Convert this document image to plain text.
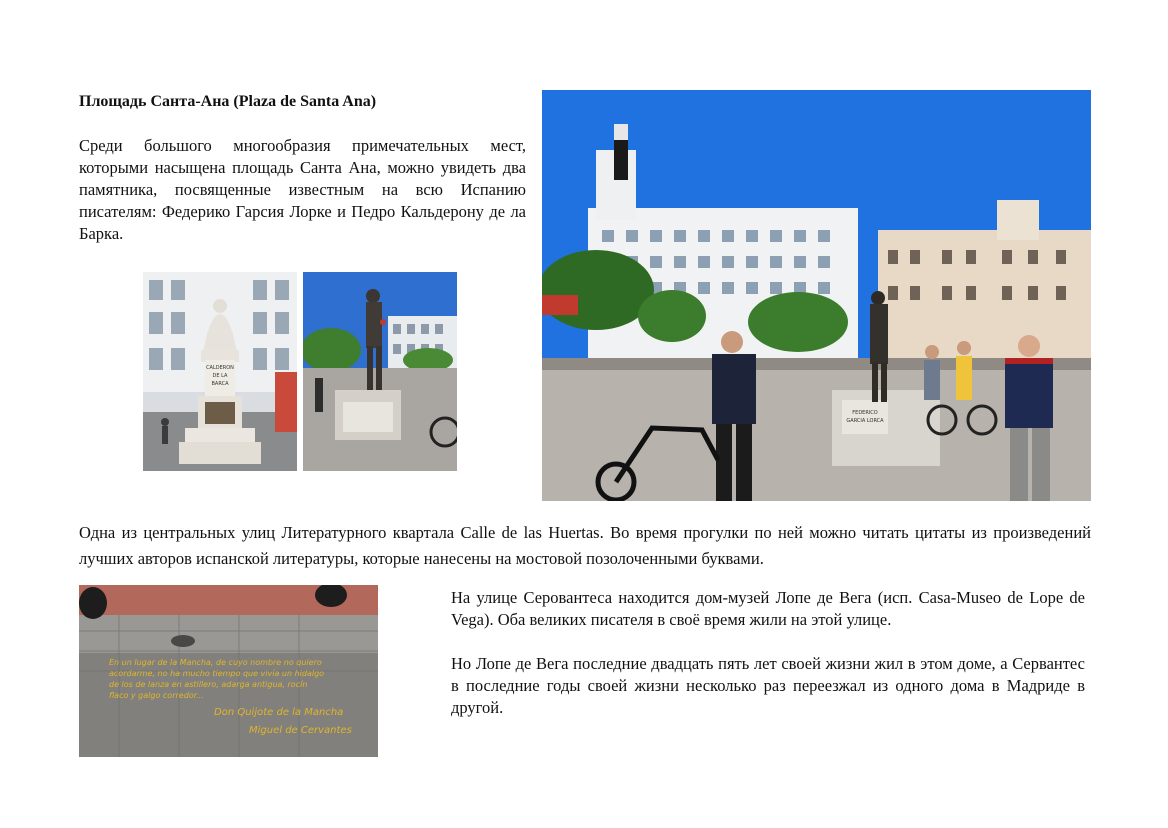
Площадь Санта-Ана (Plaza de Santa Ana)

Среди большого многообразия примечательных мест, которыми насыщена площадь Санта Ана, можно увидеть два памятника, посвященные известным на всю Испанию писателям: Федерико Гарсия Лорке и Педро Кальдерону де ла Барка.

CALDERON
DE LA
BARCA
FEDERICO
GARCIA LORCA

Одна из центральных улиц Литературного квартала Calle de las Huertas. Во время прогулки по ней можно читать цитаты из произведений лучших авторов испанской литературы, которые нанесены на мостовой позолоченными буквами.

En un lugar de la Mancha, de cuyo nombre no quiero
acordarme, no ha mucho tiempo que vivía un hidalgo
de los de lanza en astillero, adarga antigua, rocín
flaco y galgo corredor...
Don Quijote de la Mancha
Miguel de Cervantes

На улице Серовантеса находится дом-музей Лопе де Вега (исп. Casa-Museo de Lope de Vega). Оба великих писателя в своё время жили на этой улице.

Но Лопе де Вега последние двадцать пять лет своей жизни жил в этом доме, а Сервантес в последние годы своей жизни несколько раз переезжал из одного дома в Мадриде в другой.
